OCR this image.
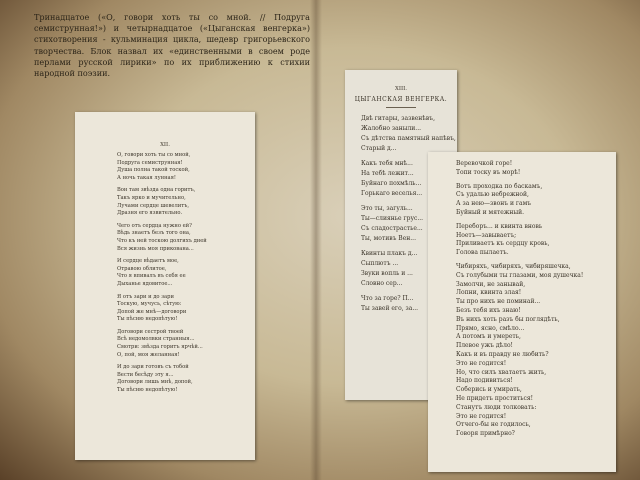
Тринадцатое («О, говори хоть ты со мной. // Подруга семиструнная!») и четырнадцатое («Цыганская венгерка») стихотворения - кульминация цикла, шедевр григорьевского творчества. Блок назвал их «единственными в своем роде перлами русской лирики» по их приближению к стихии народной поэзии.

XII.
О, говори хоть ты со мной,
Подруга семиструнная!
Душа полна такой тоской,
А ночь такая лунная!
Вон там звѣзда одна горитъ,
Такъ ярко и мучительно,
Лучами сердце шевелитъ,
Дразня его язвительно.
Чего отъ сердца нужно ей?
Вѣдь знаетъ безъ того она,
Что къ ней тоскою долгихъ дней
Вся жизнь моя прикована...
И сердце вѣдаетъ мое,
Отравою облитое,
Что я впивалъ въ себя ее
Дыханье ядовитое...
Я отъ зари и до зари
Тоскую, мучусь, сѣтую:
Допой же мнѣ—договори
Ты пѣсню недопѣтую!
Договори сестрой твоей
Всѣ недомолвки странныя...
Смотри: звѣзда горитъ ярчѣй...
О, пой, моя желанная!
И до зари готовъ съ тобой
Вести бесѣду эту я...
Договори лишь мнѣ, допой,
Ты пѣсню недопѣтую!
XIII.
ЦЫГАНСКАЯ ВЕНГЕРКА.
Двѣ гитары, зазвенѣвъ,
Жалобно заныли...
Съ дѣтства памятный напѣвъ,
Старый д...
Какъ тебя мнѣ...
На тебѣ лежит...
Буйнаго похмѣль...
Горькаго веселья...
Это ты, загуль...
Ты—слиянье грус...
Съ сладострастье...
Ты, мотивъ Вен...
Квинты плакъ д...
Сыплютъ ...
Звуки вопль и ...
Словно сер...
Что за горе? П...
Ты завей его, за...
Веревочкой горе!
Топи тоску въ морѣ!
Вотъ проходка по баскамъ,
Съ удалью небрежной,
А за нею—звонъ и гамъ
Буйный и мятежный.
Переборъ... и квинта вновь
Ноетъ—завываетъ;
Приливаетъ къ сердцу кровь,
Голова пылаетъ.
Чибиряхъ, чибиряхъ, чибиряшечка,
Съ голубыми ты глазами, моя душечка!
Замолчи, не занывай,
Лопни, квинта злая!
Ты про нихъ не поминай...
Безъ тебя ихъ знаю!
Въ нихъ хоть разъ бы поглядѣть,
Прямо, ясно, смѣло...
А потомъ и умереть,
Плевое ужъ дѣло!
Какъ и въ правду не любить?
Это не годится!
Но, что силъ хватаетъ жить,
Надо подивиться!
Соберись и умирать,
Не придетъ проститься!
Станутъ люди толковать:
Это не годится!
Отчего-бы не годилось,
Говоря примѣрно?
